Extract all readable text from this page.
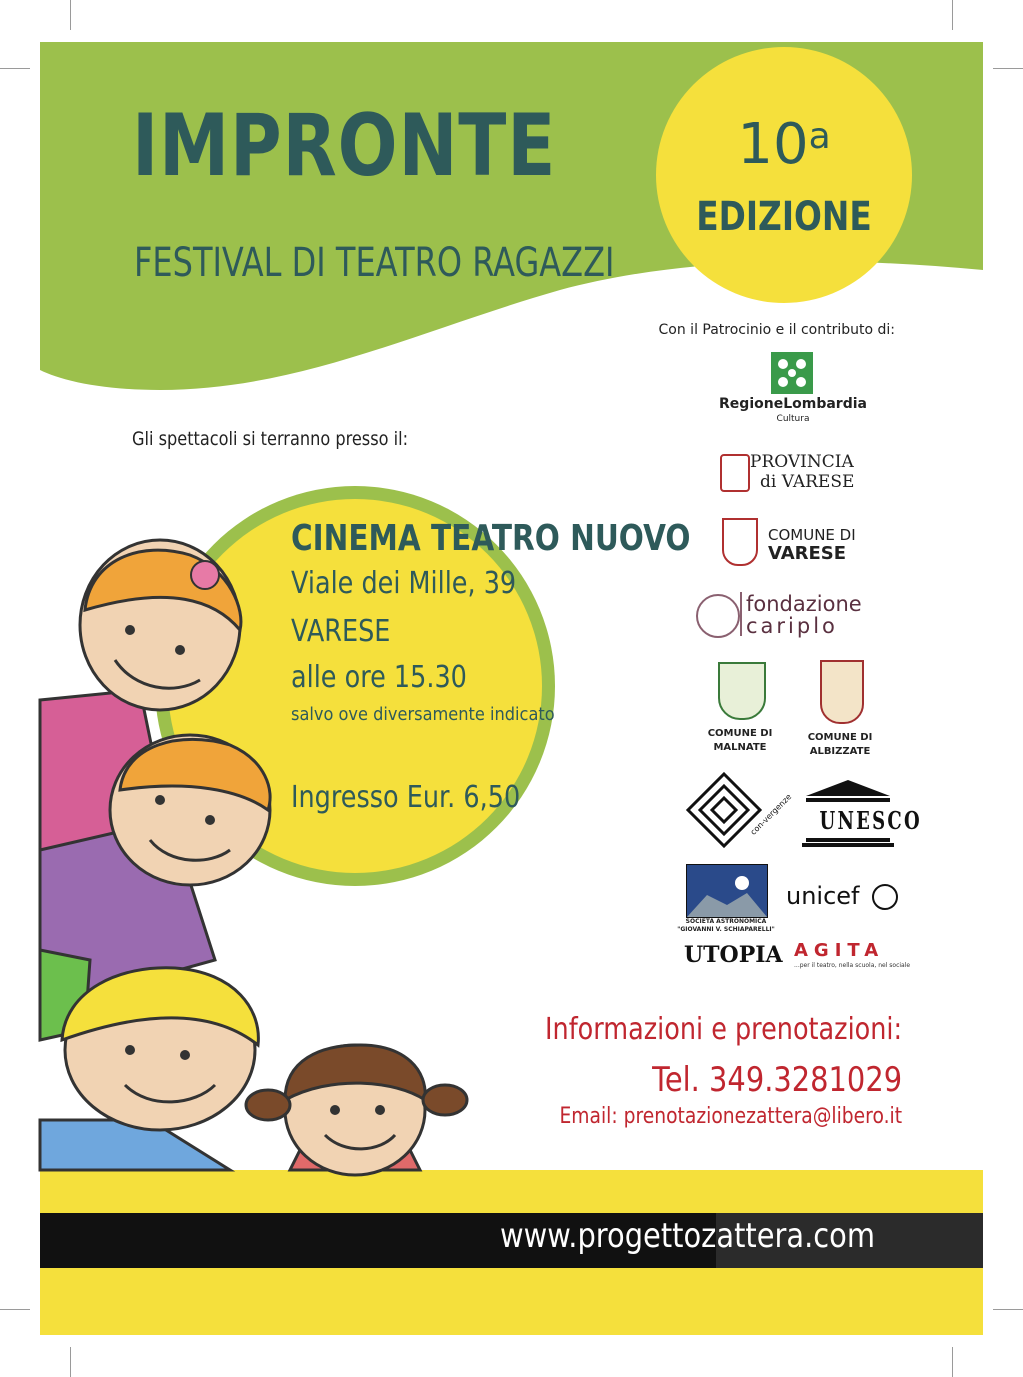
IMPRONTE
FESTIVAL DI TEATRO RAGAZZI
10$^a$
EDIZIONE
Con il Patrocinio e il contributo di:
RegioneLombardia
Cultura
PROVINCIA
di VARESE
COMUNE DI
VARESE
fondazione
cariplo
COMUNE DI
MALNATE
COMUNE DI
ALBIZZATE
con-vergenze UNESCO
SOCIETÀ ASTRONOMICA
"GIOVANNI V. SCHIAPARELLI"
unicef
UTOPIA AGITA
...per il teatro, nella scuola, nel sociale
Gli spettacoli si terranno presso il:
CINEMA TEATRO NUOVO
Viale dei Mille, 39
VARESE
alle ore 15.30
salvo ove diversamente indicato
Ingresso Eur. 6,50
Informazioni e prenotazioni:
Tel. 349.3281029
Email: prenotazionezattera@libero.it
www.progettozattera.com
